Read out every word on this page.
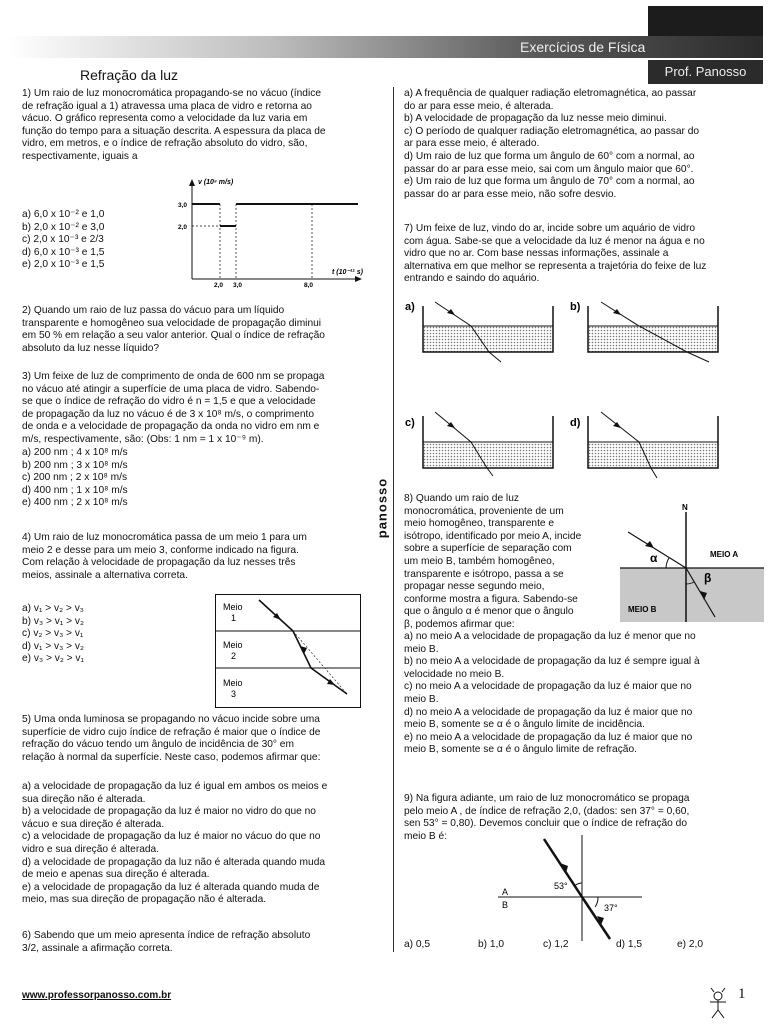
Exercícios de Física
Prof. Panosso
Refração da luz
panosso
1) Um raio de luz monocromática propagando-se no vácuo (índice
de refração igual a 1) atravessa uma placa de vidro e retorna ao
vácuo. O gráfico representa como a velocidade da luz varia em
função do tempo para a situação descrita. A espessura da placa de
vidro, em metros, e o índice de refração absoluto do vidro, são,
respectivamente, iguais a
a) 6,0 x 10⁻² e 1,0
b) 2,0 x 10⁻² e 3,0
c) 2,0 x 10⁻³ e 2/3
d) 6,0 x 10⁻³ e 1,5
e) 2,0 x 10⁻³ e 1,5
2) Quando um raio de luz passa do vácuo para um líquido
transparente e homogêneo sua velocidade de propagação diminui
em 50 % em relação a seu valor anterior. Qual o índice de refração
absoluto da luz nesse líquido?
3) Um feixe de luz de comprimento de onda de 600 nm se propaga
no vácuo até atingir a superfície de uma placa de vidro. Sabendo-
se que o índice de refração do vidro é n = 1,5 e que a velocidade
de propagação da luz no vácuo é de 3 x 10⁸ m/s, o comprimento
de onda e a velocidade de propagação da onda no vidro em nm e
m/s, respectivamente, são: (Obs: 1 nm = 1 x 10⁻⁹ m).
a) 200 nm ; 4 x 10⁸ m/s
b) 200 nm ; 3 x 10⁸ m/s
c) 200 nm ; 2 x 10⁸ m/s
d) 400 nm ; 1 x 10⁸ m/s
e) 400 nm ; 2 x 10⁸ m/s
4) Um raio de luz monocromática passa de um meio 1 para um
meio 2 e desse para um meio 3, conforme indicado na figura.
Com relação à velocidade de propagação da luz nesses três
meios, assinale a alternativa correta.
a) v₁ > v₂ > v₃
b) v₃ > v₁ > v₂
c) v₂ > v₃ > v₁
d) v₁ > v₃ > v₂
e) v₃ > v₂ > v₁
5) Uma onda luminosa se propagando no vácuo incide sobre uma
superfície de vidro cujo índice de refração é maior que o índice de
refração do vácuo tendo um ângulo de incidência de 30° em
relação à normal da superfície. Neste caso, podemos afirmar que:
a) a velocidade de propagação da luz é igual em ambos os meios e
sua direção não é alterada.
b) a velocidade de propagação da luz é maior no vidro do que no
vácuo e sua direção é alterada.
c) a velocidade de propagação da luz é maior no vácuo do que no
vidro e sua direção é alterada.
d) a velocidade de propagação da luz não é alterada quando muda
de meio e apenas sua direção é alterada.
e) a velocidade de propagação da luz é alterada quando muda de
meio, mas sua direção de propagação não é alterada.
6) Sabendo que um meio apresenta índice de refração absoluto
3/2, assinale a afirmação correta.
a) A frequência de qualquer radiação eletromagnética, ao passar
do ar para esse meio, é alterada.
b) A velocidade de propagação da luz nesse meio diminui.
c) O período de qualquer radiação eletromagnética, ao passar do
ar para esse meio, é alterado.
d) Um raio de luz que forma um ângulo de 60° com a normal, ao
passar do ar para esse meio, sai com um ângulo maior que 60°.
e) Um raio de luz que forma um ângulo de 70° com a normal, ao
passar do ar para esse meio, não sofre desvio.
7) Um feixe de luz, vindo do ar, incide sobre um aquário de vidro
com água. Sabe-se que a velocidade da luz é menor na água e no
vidro que no ar. Com base nessas informações, assinale a
alternativa em que melhor se representa a trajetória do feixe de luz
entrando e saindo do aquário.
8) Quando um raio de luz
monocromática, proveniente de um
meio homogêneo, transparente e
isótropo, identificado por meio A, incide
sobre a superfície de separação com
um meio B, também homogêneo,
transparente e isótropo, passa a se
propagar nesse segundo meio,
conforme mostra a figura. Sabendo-se
que o ângulo α é menor que o ângulo
β, podemos afirmar que:
a) no meio A a velocidade de propagação da luz é menor que no
meio B.
b) no meio A a velocidade de propagação da luz é sempre igual à
velocidade no meio B.
c) no meio A a velocidade de propagação da luz é maior que no
meio B.
d) no meio A a velocidade de propagação da luz é maior que no
meio B, somente se α é o ângulo limite de incidência.
e) no meio A a velocidade de propagação da luz é maior que no
meio B, somente se α é o ângulo limite de refração.
9) Na figura adiante, um raio de luz monocromático se propaga
pelo meio A , de índice de refração 2,0, (dados: sen 37° = 0,60,
sen 53° = 0,80). Devemos concluir que o índice de refração do
meio B é:
a) 0,5	b) 1,0	c) 1,2	d) 1,5	e) 2,0
v (10⁸ m/s)
3,0
2,0
2,0 3,0	8,0
t (10⁻¹¹ s)
Meio
1
Meio
2
Meio
3
a)	b)
c)	d)
N
α
β
MEIO A
MEIO B
A
B
53°
37°
www.professorpanosso.com.br	1
